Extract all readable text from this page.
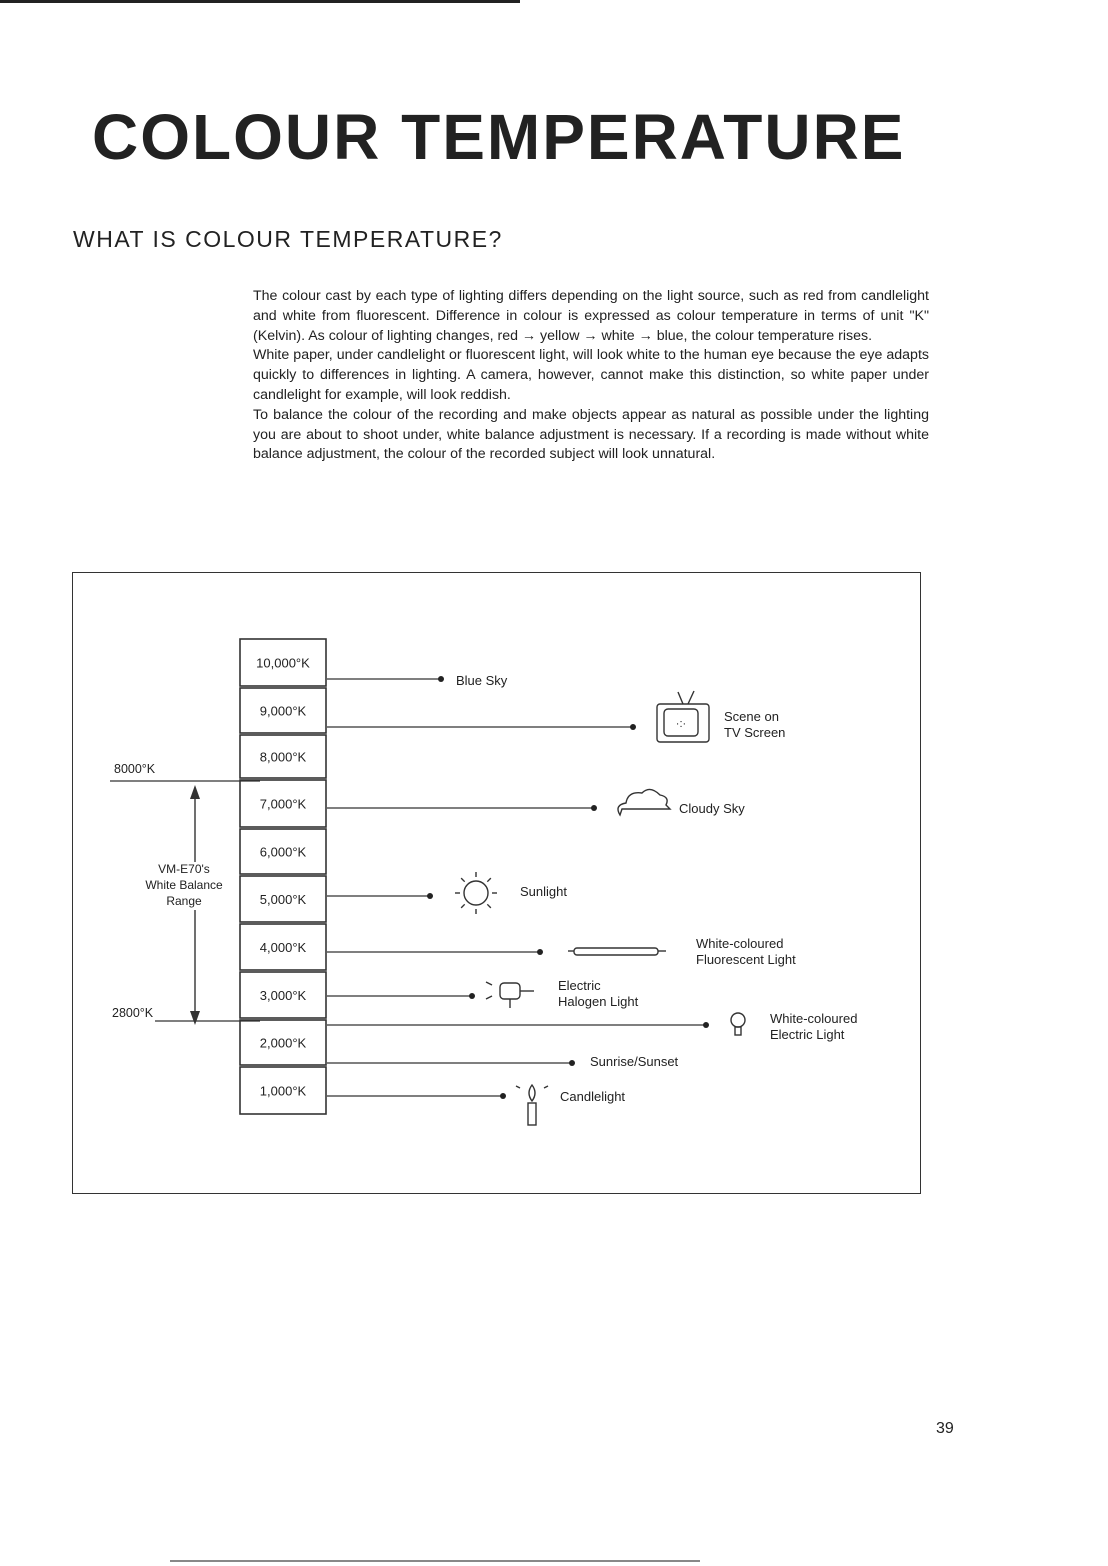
COLOUR TEMPERATURE
WHAT IS COLOUR TEMPERATURE?

The colour cast by each type of lighting differs depending on the light source, such as red from candlelight and white from fluorescent. Difference in colour is expressed as colour temperature in terms of unit "K" (Kelvin). As colour of lighting changes, red → yellow → white → blue, the colour temperature rises.

White paper, under candlelight or fluorescent light, will look white to the human eye because the eye adapts quickly to differences in lighting. A camera, however, cannot make this distinction, so white paper under candlelight for example, will look reddish.

To balance the colour of the recording and make objects appear as natural as possible under the lighting you are about to shoot under, white balance adjustment is necessary. If a recording is made without white balance adjustment, the colour of the recorded subject will look unnatural.

10,000°K
9,000°K
8,000°K
7,000°K
6,000°K
5,000°K
4,000°K
3,000°K
2,000°K
1,000°K
8000°K
2800°K
VM-E70's
White Balance
Range
Blue Sky
·:·	Scene on
TV Screen
Cloudy Sky
Sunlight
White-coloured
Fluorescent Light
Electric
Halogen Light
White-coloured
Electric Light
Sunrise/Sunset
Candlelight
39
